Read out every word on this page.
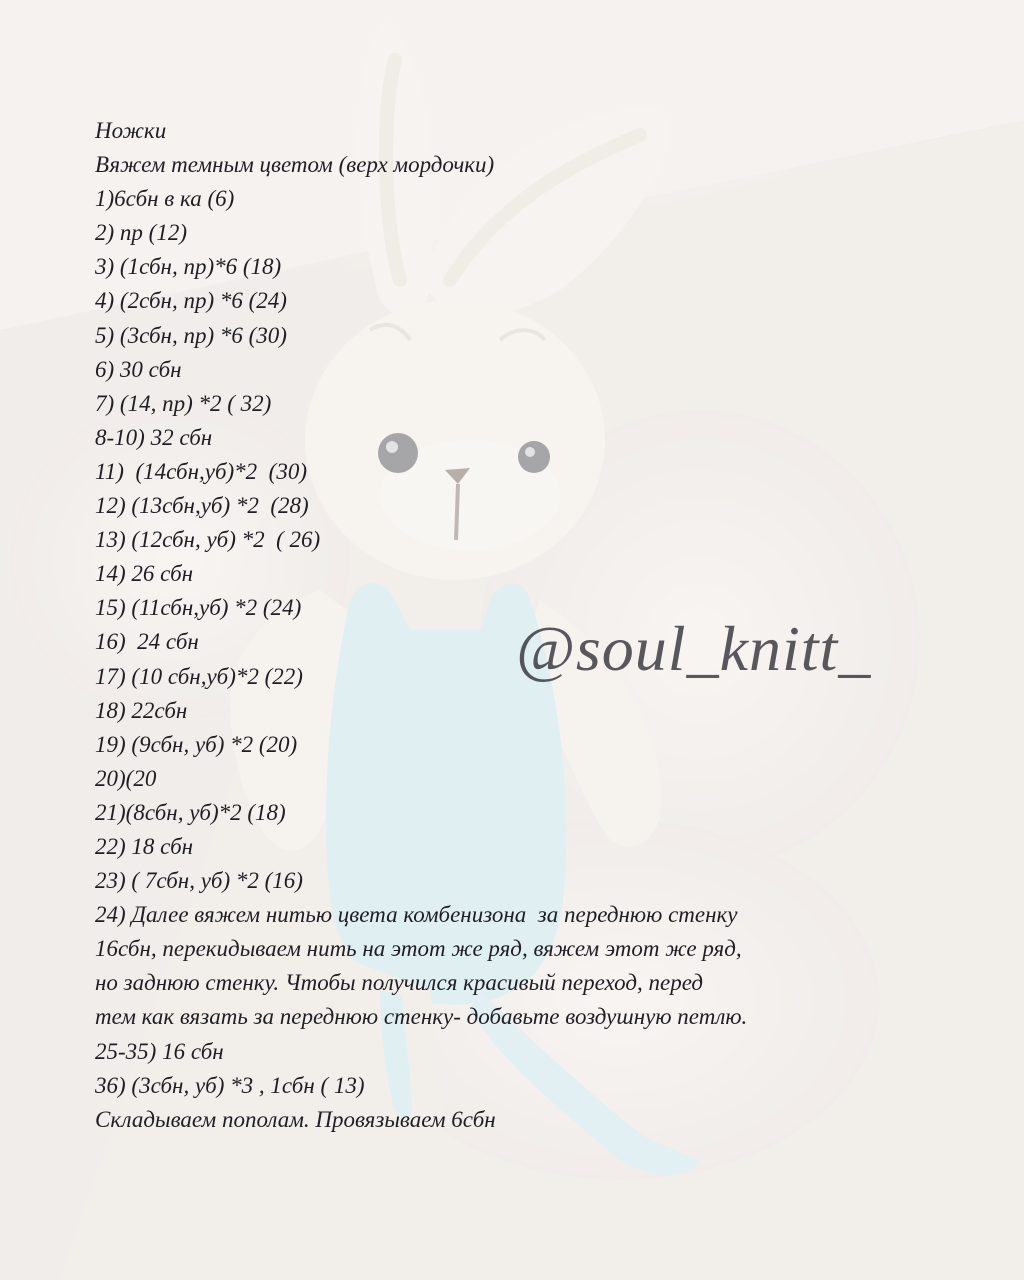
@soul_knitt_
Ножки
Вяжем темным цветом (верх мордочки)
1)6сбн в ка (6)
2) пр (12)
3) (1сбн, пр)*6 (18)
4) (2сбн, пр) *6 (24)
5) (3сбн, пр) *6 (30)
6) 30 сбн
7) (14, пр) *2 ( 32)
8-10) 32 сбн
11)  (14сбн,уб)*2  (30)
12) (13сбн,уб) *2  (28)
13) (12сбн, уб) *2  ( 26)
14) 26 сбн
15) (11сбн,уб) *2 (24)
16)  24 сбн
17) (10 сбн,уб)*2 (22)
18) 22сбн
19) (9сбн, уб) *2 (20)
20)(20
21)(8сбн, уб)*2 (18)
22) 18 сбн
23) ( 7сбн, уб) *2 (16)
24) Далее вяжем нитью цвета комбенизона  за переднюю стенку
16сбн, перекидываем нить на этот же ряд, вяжем этот же ряд,
но заднюю стенку. Чтобы получился красивый переход, перед
тем как вязать за переднюю стенку- добавьте воздушную петлю.
25-35) 16 сбн
36) (3сбн, уб) *3 , 1сбн ( 13)
Складываем пополам. Провязываем 6сбн
